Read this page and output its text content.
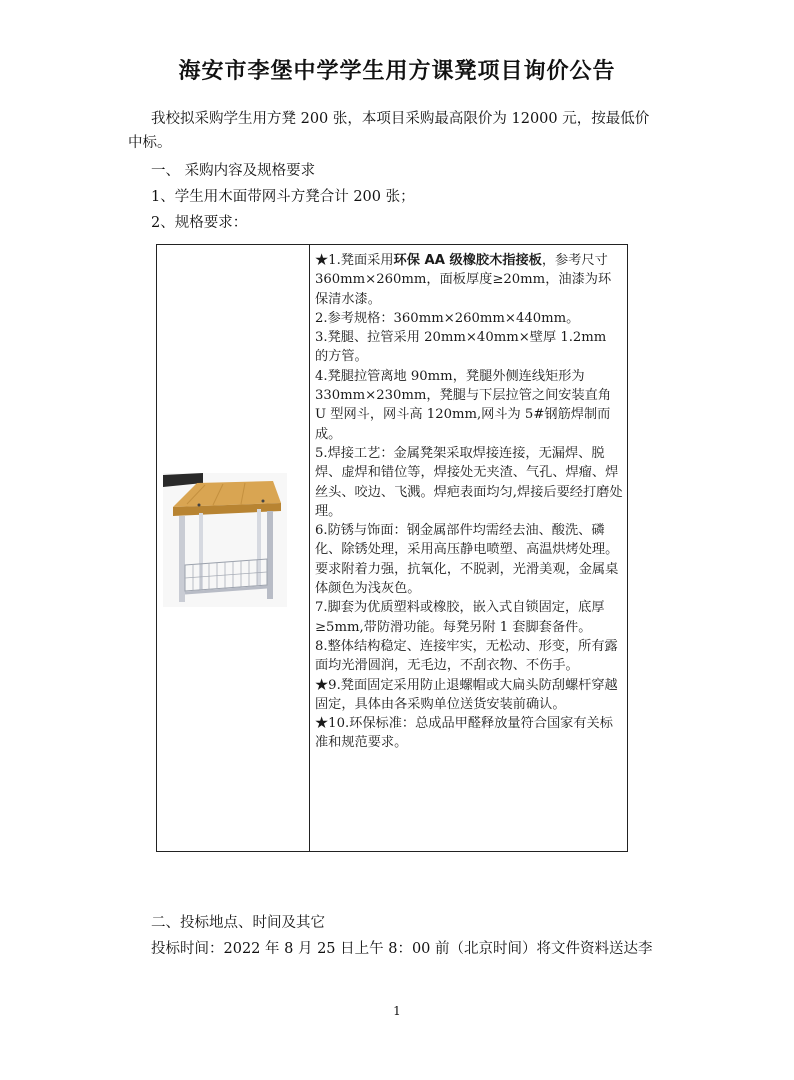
海安市李堡中学学生用方课凳项目询价公告
我校拟采购学生用方凳 200 张，本项目采购最高限价为 12000 元，按最低价
中标。
一、 采购内容及规格要求
1、学生用木面带网斗方凳合计 200 张；
2、规格要求：
★1.凳面采用环保 AA 级橡胶木指接板，参考尺寸 360mm×260mm，面板厚度≥20mm，油漆为环保清水漆。
2.参考规格：360mm×260mm×440mm。
3.凳腿、拉管采用 20mm×40mm×壁厚 1.2mm 的方管。
4.凳腿拉管离地 90mm，凳腿外侧连线矩形为 330mm×230mm，凳腿与下层拉管之间安装直角 U 型网斗，网斗高 120mm,网斗为 5#钢筋焊制而成。
5.焊接工艺：金属凳架采取焊接连接，无漏焊、脱焊、虚焊和错位等，焊接处无夹渣、气孔、焊瘤、焊丝头、咬边、飞溅。焊疤表面均匀,焊接后要经打磨处理。
6.防锈与饰面：钢金属部件均需经去油、酸洗、磷化、除锈处理，采用高压静电喷塑、高温烘烤处理。要求附着力强，抗氧化，不脱剥，光滑美观，金属桌体颜色为浅灰色。
7.脚套为优质塑料或橡胶，嵌入式自锁固定，底厚≥5mm,带防滑功能。每凳另附 1 套脚套备件。
8.整体结构稳定、连接牢实，无松动、形变，所有露面均光滑圆润，无毛边，不刮衣物、不伤手。
★9.凳面固定采用防止退螺帽或大扁头防刮螺杆穿越固定，具体由各采购单位送货安装前确认。
★10.环保标准：总成品甲醛释放量符合国家有关标准和规范要求。
二、投标地点、时间及其它
投标时间：2022 年 8 月 25 日上午 8：00 前（北京时间）将文件资料送达李
1
